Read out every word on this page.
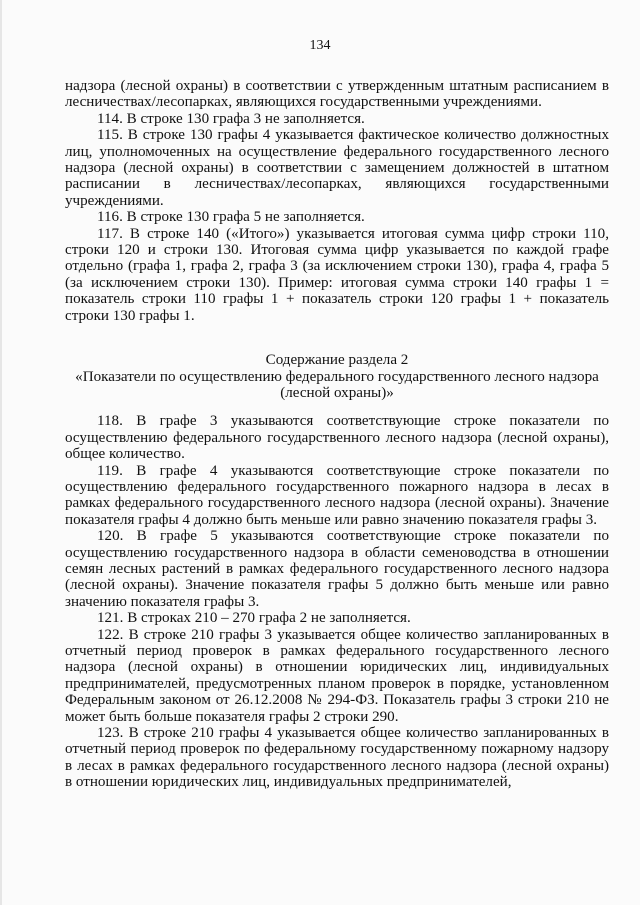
134

надзора (лесной охраны) в соответствии с утвержденным штатным расписанием в лесничествах/лесопарках, являющихся государственными учреждениями.

114. В строке 130 графа 3 не заполняется.

115. В строке 130 графы 4 указывается фактическое количество должностных лиц, уполномоченных на осуществление федерального государственного лесного надзора (лесной охраны) в соответствии с замещением должностей в штатном расписании в лесничествах/лесопарках, являющихся государственными учреждениями.

116. В строке 130 графа 5 не заполняется.

117. В строке 140 («Итого») указывается итоговая сумма цифр строки 110, строки 120 и строки 130. Итоговая сумма цифр указывается по каждой графе отдельно (графа 1, графа 2, графа 3 (за исключением строки 130), графа 4, графа 5 (за исключением строки 130). Пример: итоговая сумма строки 140 графы 1 = показатель строки 110 графы 1 + показатель строки 120 графы 1 + показатель строки 130 графы 1.

Содержание раздела 2

«Показатели по осуществлению федерального государственного лесного надзора (лесной охраны)»

118. В графе 3 указываются соответствующие строке показатели по осуществлению федерального государственного лесного надзора (лесной охраны), общее количество.

119. В графе 4 указываются соответствующие строке показатели по осуществлению федерального государственного пожарного надзора в лесах в рамках федерального государственного лесного надзора (лесной охраны). Значение показателя графы 4 должно быть меньше или равно значению показателя графы 3.

120. В графе 5 указываются соответствующие строке показатели по осуществлению государственного надзора в области семеноводства в отношении семян лесных растений в рамках федерального государственного лесного надзора (лесной охраны). Значение показателя графы 5 должно быть меньше или равно значению показателя графы 3.

121. В строках 210 – 270 графа 2 не заполняется.

122. В строке 210 графы 3 указывается общее количество запланированных в отчетный период проверок в рамках федерального государственного лесного надзора (лесной охраны) в отношении юридических лиц, индивидуальных предпринимателей, предусмотренных планом проверок в порядке, установленном Федеральным законом от 26.12.2008 № 294-ФЗ. Показатель графы 3 строки 210 не может быть больше показателя графы 2 строки 290.

123. В строке 210 графы 4 указывается общее количество запланированных в отчетный период проверок по федеральному государственному пожарному надзору в лесах в рамках федерального государственного лесного надзора (лесной охраны) в отношении юридических лиц, индивидуальных предпринимателей,
